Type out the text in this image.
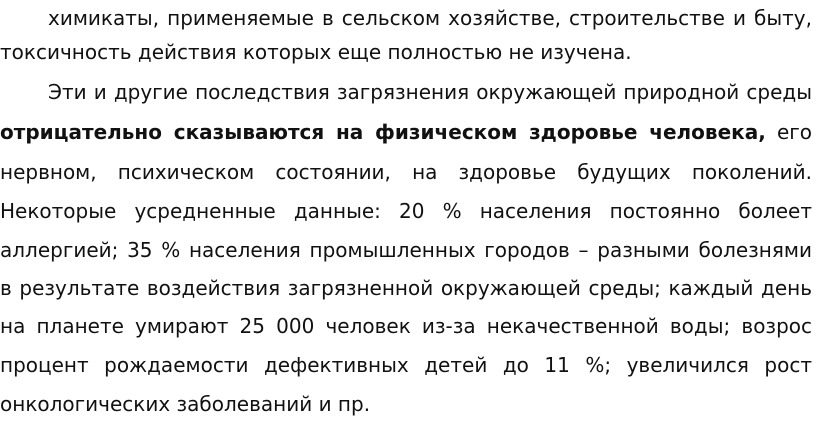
химикаты, применяемые в сельском хозяйстве, строительстве и быту,
токсичность действия которых еще полностью не изучена.
Эти и другие последствия загрязнения окружающей природной среды
отрицательно сказываются на физическом здоровье человека, его
нервном, психическом состоянии, на здоровье будущих поколений.
Некоторые усредненные данные: 20 % населения постоянно болеет
аллергией; 35 % населения промышленных городов – разными болезнями
в результате воздействия загрязненной окружающей среды; каждый день
на планете умирают 25 000 человек из-за некачественной воды; возрос
процент рождаемости дефективных детей до 11 %; увеличился рост
онкологических заболеваний и пр.
